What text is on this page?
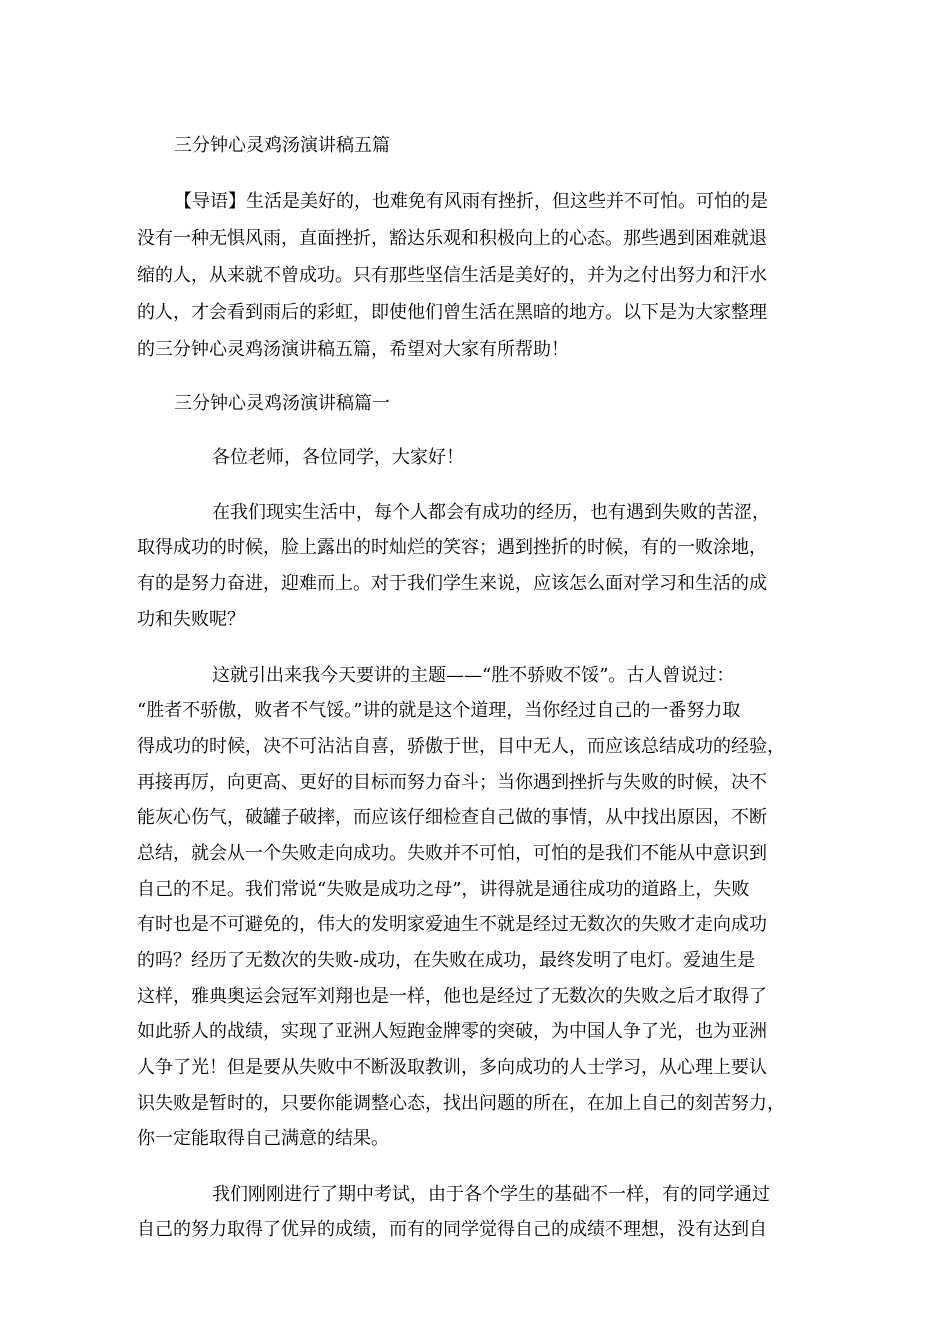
三分钟心灵鸡汤演讲稿五篇
【导语】生活是美好的，也难免有风雨有挫折，但这些并不可怕。可怕的是
没有一种无惧风雨，直面挫折，豁达乐观和积极向上的心态。那些遇到困难就退
缩的人，从来就不曾成功。只有那些坚信生活是美好的，并为之付出努力和汗水
的人，才会看到雨后的彩虹，即使他们曾生活在黑暗的地方。以下是为大家整理
的三分钟心灵鸡汤演讲稿五篇，希望对大家有所帮助！
三分钟心灵鸡汤演讲稿篇一
各位老师，各位同学，大家好！
在我们现实生活中，每个人都会有成功的经历，也有遇到失败的苦涩，
取得成功的时候，脸上露出的时灿烂的笑容；遇到挫折的时候，有的一败涂地，
有的是努力奋进，迎难而上。对于我们学生来说，应该怎么面对学习和生活的成
功和失败呢？
这就引出来我今天要讲的主题——“胜不骄败不馁”。古人曾说过：
“胜者不骄傲，败者不气馁。”讲的就是这个道理，当你经过自己的一番努力取
得成功的时候，决不可沾沾自喜，骄傲于世，目中无人，而应该总结成功的经验，
再接再厉，向更高、更好的目标而努力奋斗；当你遇到挫折与失败的时候，决不
能灰心伤气，破罐子破摔，而应该仔细检查自己做的事情，从中找出原因，不断
总结，就会从一个失败走向成功。失败并不可怕，可怕的是我们不能从中意识到
自己的不足。我们常说“失败是成功之母”，讲得就是通往成功的道路上，失败
有时也是不可避免的，伟大的发明家爱迪生不就是经过无数次的失败才走向成功
的吗？经历了无数次的失败-成功，在失败在成功，最终发明了电灯。爱迪生是
这样，雅典奥运会冠军刘翔也是一样，他也是经过了无数次的失败之后才取得了
如此骄人的战绩，实现了亚洲人短跑金牌零的突破，为中国人争了光，也为亚洲
人争了光！但是要从失败中不断汲取教训，多向成功的人士学习，从心理上要认
识失败是暂时的，只要你能调整心态，找出问题的所在，在加上自己的刻苦努力，
你一定能取得自己满意的结果。
我们刚刚进行了期中考试，由于各个学生的基础不一样，有的同学通过
自己的努力取得了优异的成绩，而有的同学觉得自己的成绩不理想，没有达到自
